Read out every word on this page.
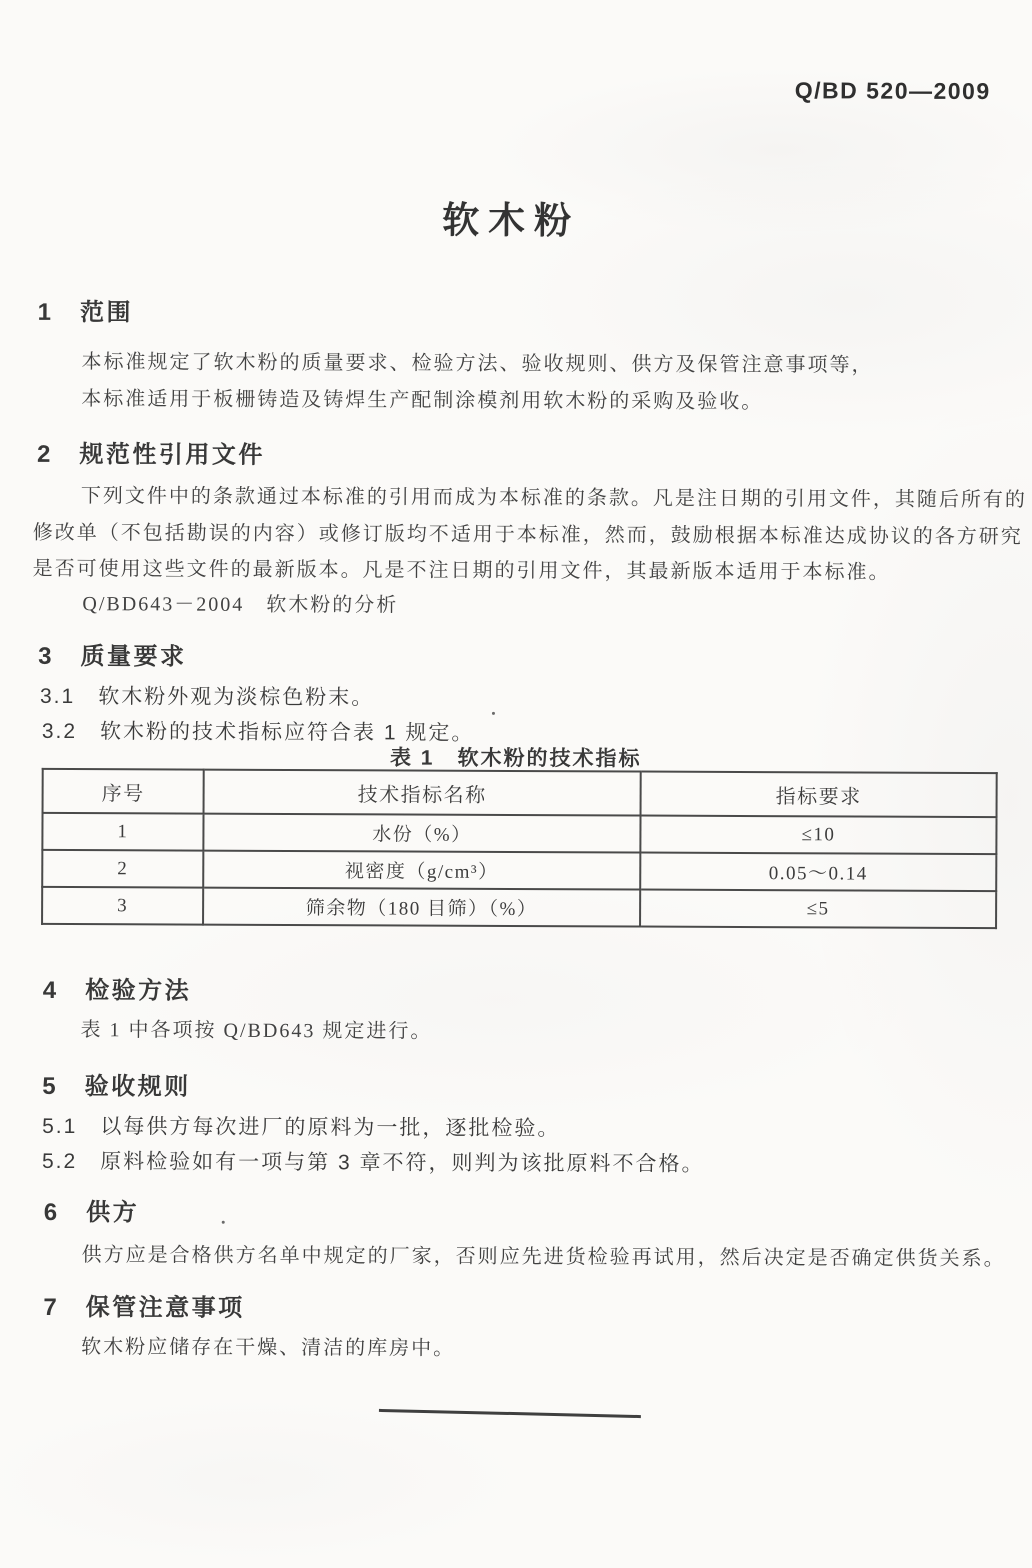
Q/BD 520—2009
软木粉
1　范围
本标准规定了软木粉的质量要求、检验方法、验收规则、供方及保管注意事项等，
本标准适用于板栅铸造及铸焊生产配制涂模剂用软木粉的采购及验收。
2　规范性引用文件
下列文件中的条款通过本标准的引用而成为本标准的条款。凡是注日期的引用文件，其随后所有的
修改单（不包括勘误的内容）或修订版均不适用于本标准，然而，鼓励根据本标准达成协议的各方研究
是否可使用这些文件的最新版本。凡是不注日期的引用文件，其最新版本适用于本标准。
Q/BD643－2004　软木粉的分析
3　质量要求
3.1　软木粉外观为淡棕色粉末。
3.2　软木粉的技术指标应符合表 1 规定。
表 1　软木粉的技术指标
序号	技术指标名称	指标要求
1	水份（%）	≤10
2	视密度（g/cm³）	0.05～0.14
3	筛余物（180 目筛）（%）	≤5
4　检验方法
表 1 中各项按 Q/BD643 规定进行。
5　验收规则
5.1　以每供方每次进厂的原料为一批，逐批检验。
5.2　原料检验如有一项与第 3 章不符，则判为该批原料不合格。
6　供方
供方应是合格供方名单中规定的厂家，否则应先进货检验再试用，然后决定是否确定供货关系。
7　保管注意事项
软木粉应储存在干燥、清洁的库房中。
